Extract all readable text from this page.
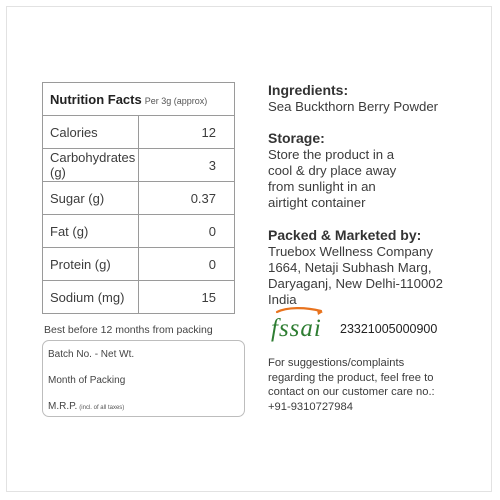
Nutrition Facts Per 3g (approx)	
Calories	12
Carbohydrates (g)	3
Sugar (g)	0.37
Fat (g)	0
Protein (g)	0
Sodium (mg)	15
Best before 12 months from packing
Batch No. - Net Wt.
Month of Packing
M.R.P. (incl. of all taxes)
Ingredients:
Sea Buckthorn Berry Powder
Storage:
Store the product in a
cool & dry place away
from sunlight in an
airtight container
Packed & Marketed by:
Truebox Wellness Company
1664, Netaji Subhash Marg,
Daryaganj, New Delhi-110002
India
fssai 23321005000900
For suggestions/complaints
regarding the product, feel free to
contact on our customer care no.:
+91-9310727984
